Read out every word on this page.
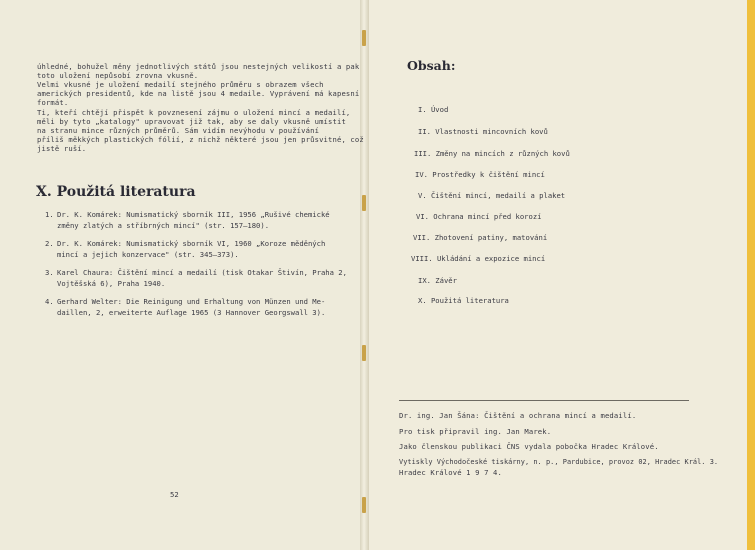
úhledné, bohužel měny jednotlivých států jsou nestejných velikostí a pak
toto uložení nepůsobí zrovna vkusně.
Velmi vkusné je uložení medailí stejného průměru s obrazem všech
amerických presidentů, kde na listě jsou 4 medaile. Vyprávení má kapesní
formát.
Ti, kteří chtějí přispět k povznesení zájmu o uložení mincí a medailí,
měli by tyto „katalogy" upravovat již tak, aby se daly vkusně umístit
na stranu mince různých průměrů. Sám vidím nevýhodu v používání
příliš měkkých plastických fólií, z nichž některé jsou jen průsvitné, což
jistě ruší.
X. Použitá literatura
1. Dr. K. Komárek: Numismatický sborník III, 1956 „Rušivé chemické
změny zlatých a stříbrných mincí" (str. 157—180).
2. Dr. K. Komárek: Numismatický sborník VI, 1960 „Koroze měděných
mincí a jejich konzervace" (str. 345—373).
3. Karel Chaura: Čištění mincí a medailí (tisk Otakar Štivín, Praha 2,
Vojtěšská 6), Praha 1940.
4. Gerhard Welter: Die Reinigung und Erhaltung von Münzen und Me-
daillen, 2, erweiterte Auflage 1965 (3 Hannover Georgswall 3).
52
Obsah:
I. Úvod
II. Vlastnosti mincovních kovů
III. Změny na mincích z různých kovů
IV. Prostředky k čištění mincí
V. Čištění mincí, medailí a plaket
VI. Ochrana mincí před korozí
VII. Zhotovení patiny, matování
VIII. Ukládání a expozice mincí
IX. Závěr
X. Použitá literatura
Dr. ing. Jan Šána: Čištění a ochrana mincí a medailí.
Pro tisk připravil ing. Jan Marek.
Jako členskou publikaci ČNS vydala pobočka Hradec Králové.
Vytiskly Východočeské tiskárny, n. p., Pardubice, provoz 02, Hradec Král. 3.
Hradec Králové 1 9 7 4.
